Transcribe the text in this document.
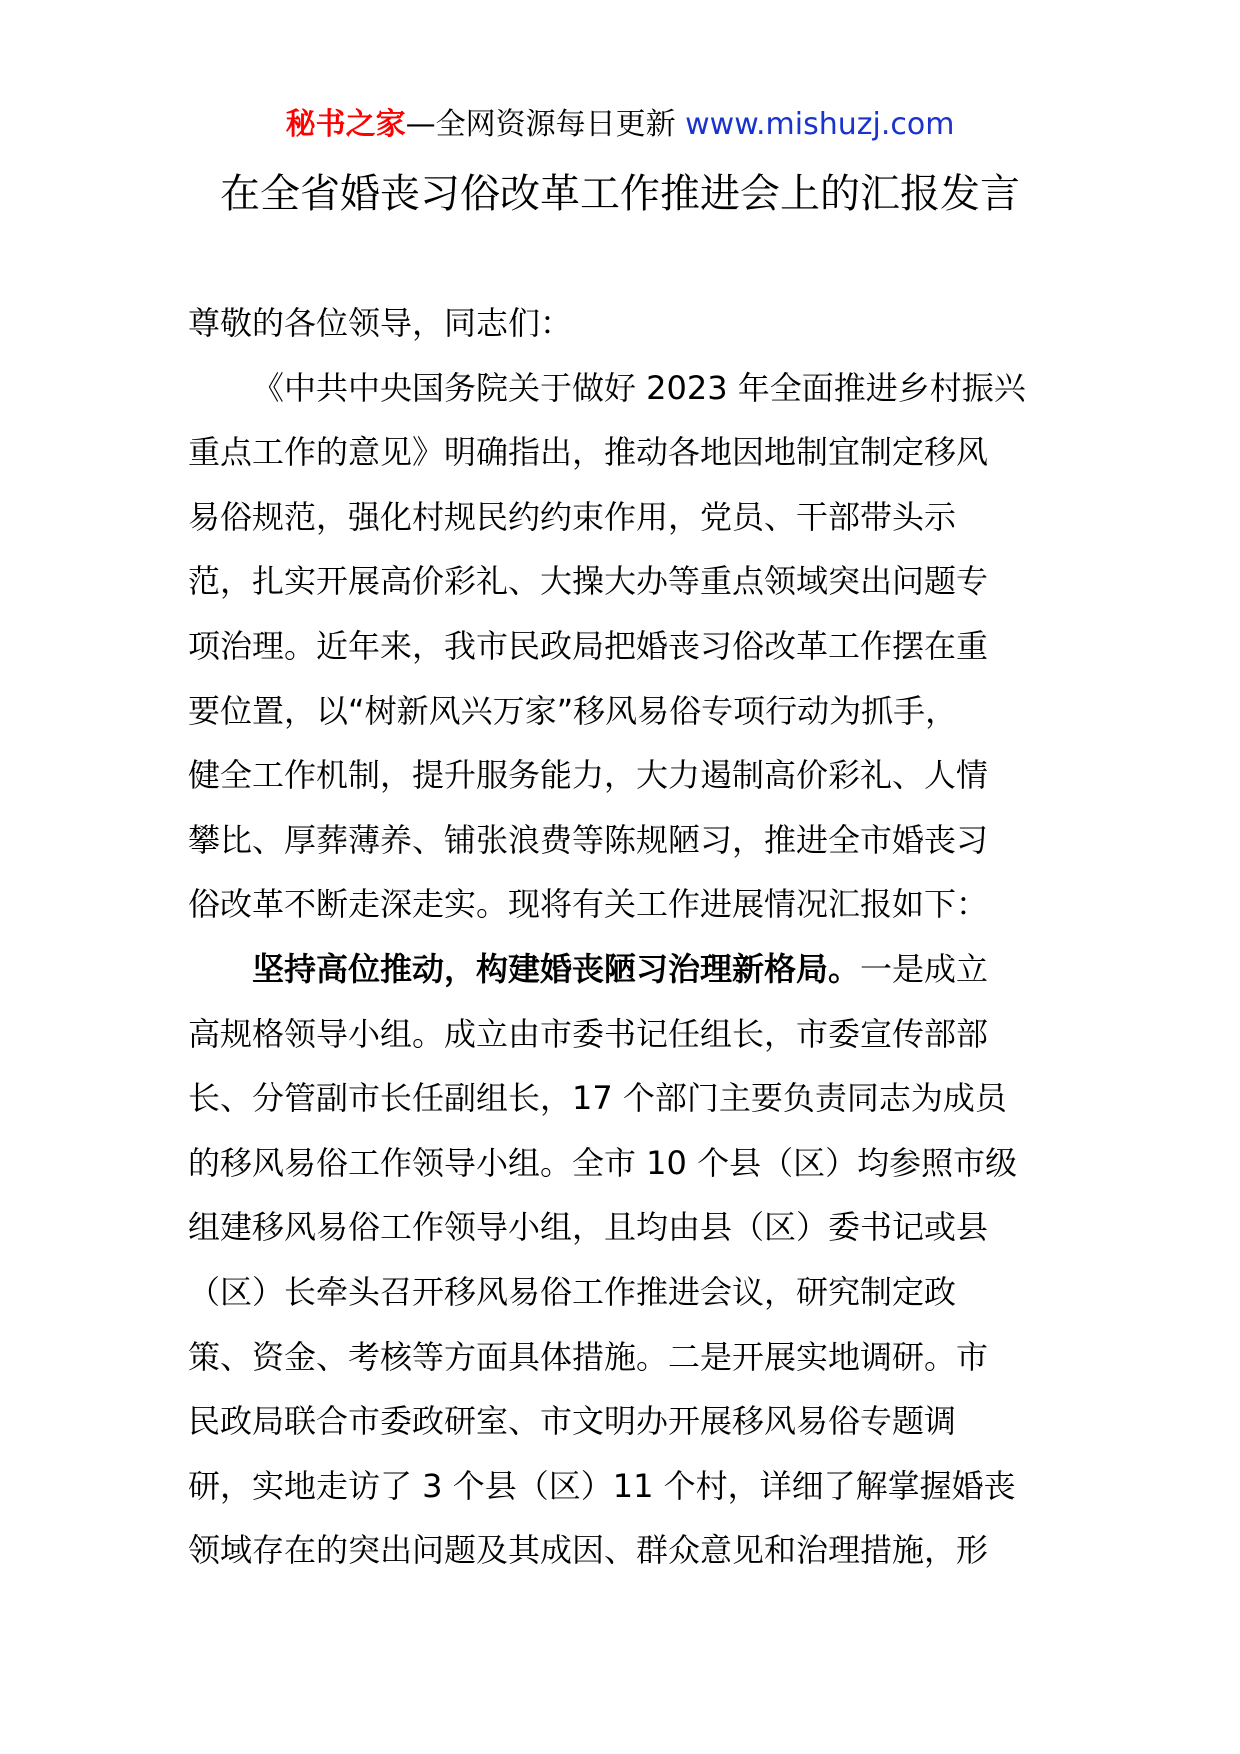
秘书之家—全网资源每日更新 www.mishuzj.com
在全省婚丧习俗改革工作推进会上的汇报发言
尊敬的各位领导，同志们：
《中共中央国务院关于做好 2023 年全面推进乡村振兴
重点工作的意见》明确指出，推动各地因地制宜制定移风
易俗规范，强化村规民约约束作用，党员、干部带头示
范，扎实开展高价彩礼、大操大办等重点领域突出问题专
项治理。近年来，我市民政局把婚丧习俗改革工作摆在重
要位置，以“树新风兴万家”移风易俗专项行动为抓手，
健全工作机制，提升服务能力，大力遏制高价彩礼、人情
攀比、厚葬薄养、铺张浪费等陈规陋习，推进全市婚丧习
俗改革不断走深走实。现将有关工作进展情况汇报如下：
坚持高位推动，构建婚丧陋习治理新格局。一是成立
高规格领导小组。成立由市委书记任组长，市委宣传部部
长、分管副市长任副组长，17 个部门主要负责同志为成员
的移风易俗工作领导小组。全市 10 个县（区）均参照市级
组建移风易俗工作领导小组，且均由县（区）委书记或县
（区）长牵头召开移风易俗工作推进会议，研究制定政
策、资金、考核等方面具体措施。二是开展实地调研。市
民政局联合市委政研室、市文明办开展移风易俗专题调
研，实地走访了 3 个县（区）11 个村，详细了解掌握婚丧
领域存在的突出问题及其成因、群众意见和治理措施，形
